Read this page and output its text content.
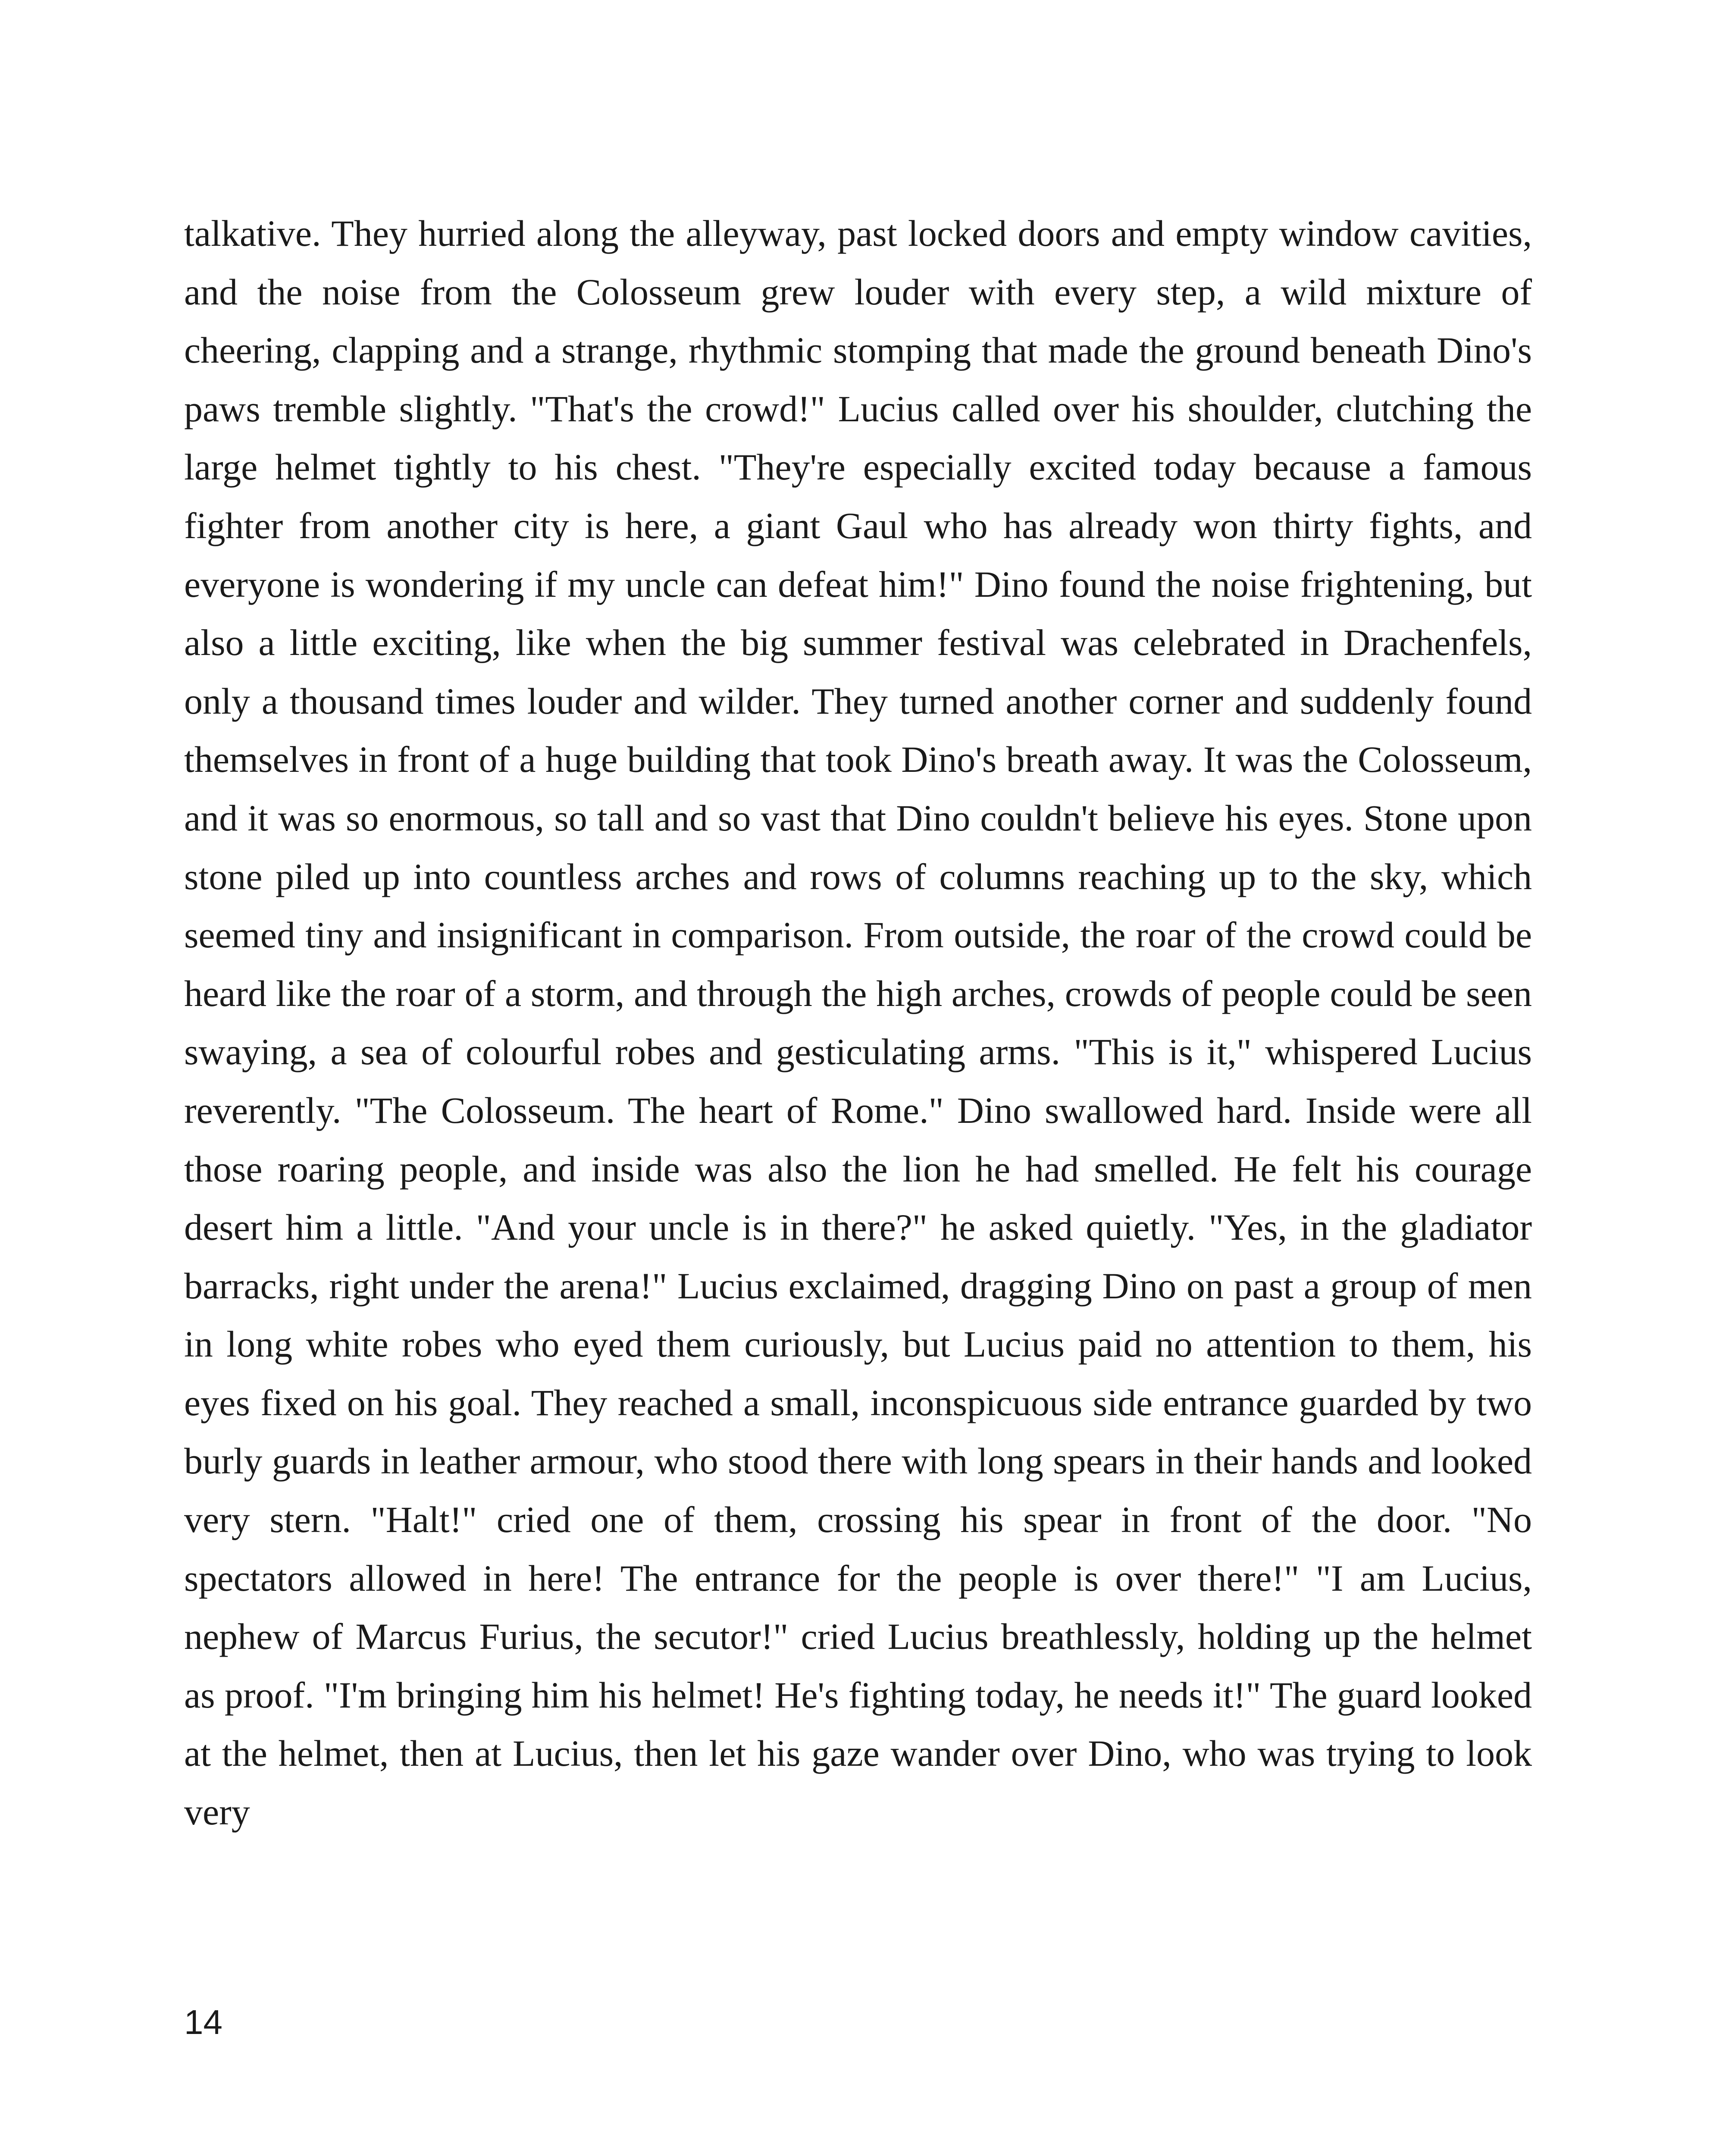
talkative. They hurried along the alleyway, past locked doors and empty window cavities, and the noise from the Colosseum grew louder with every step, a wild mixture of cheering, clapping and a strange, rhythmic stomping that made the ground beneath Dino's paws tremble slightly. "That's the crowd!" Lucius called over his shoulder, clutching the large helmet tightly to his chest. "They're especially excited today because a famous fighter from another city is here, a giant Gaul who has already won thirty fights, and everyone is wondering if my uncle can defeat him!" Dino found the noise frightening, but also a little exciting, like when the big summer festival was celebrated in Drachenfels, only a thousand times louder and wilder. They turned another corner and suddenly found themselves in front of a huge building that took Dino's breath away. It was the Colosseum, and it was so enormous, so tall and so vast that Dino couldn't believe his eyes. Stone upon stone piled up into countless arches and rows of columns reaching up to the sky, which seemed tiny and insignificant in comparison. From outside, the roar of the crowd could be heard like the roar of a storm, and through the high arches, crowds of people could be seen swaying, a sea of colourful robes and gesticulating arms. "This is it," whispered Lucius reverently. "The Colosseum. The heart of Rome." Dino swallowed hard. Inside were all those roaring people, and inside was also the lion he had smelled. He felt his courage desert him a little. "And your uncle is in there?" he asked quietly. "Yes, in the gladiator barracks, right under the arena!" Lucius exclaimed, dragging Dino on past a group of men in long white robes who eyed them curiously, but Lucius paid no attention to them, his eyes fixed on his goal. They reached a small, inconspicuous side entrance guarded by two burly guards in leather armour, who stood there with long spears in their hands and looked very stern. "Halt!" cried one of them, crossing his spear in front of the door. "No spectators allowed in here! The entrance for the people is over there!" "I am Lucius, nephew of Marcus Furius, the secutor!" cried Lucius breathlessly, holding up the helmet as proof. "I'm bringing him his helmet! He's fighting today, he needs it!" The guard looked at the helmet, then at Lucius, then let his gaze wander over Dino, who was trying to look very

14
